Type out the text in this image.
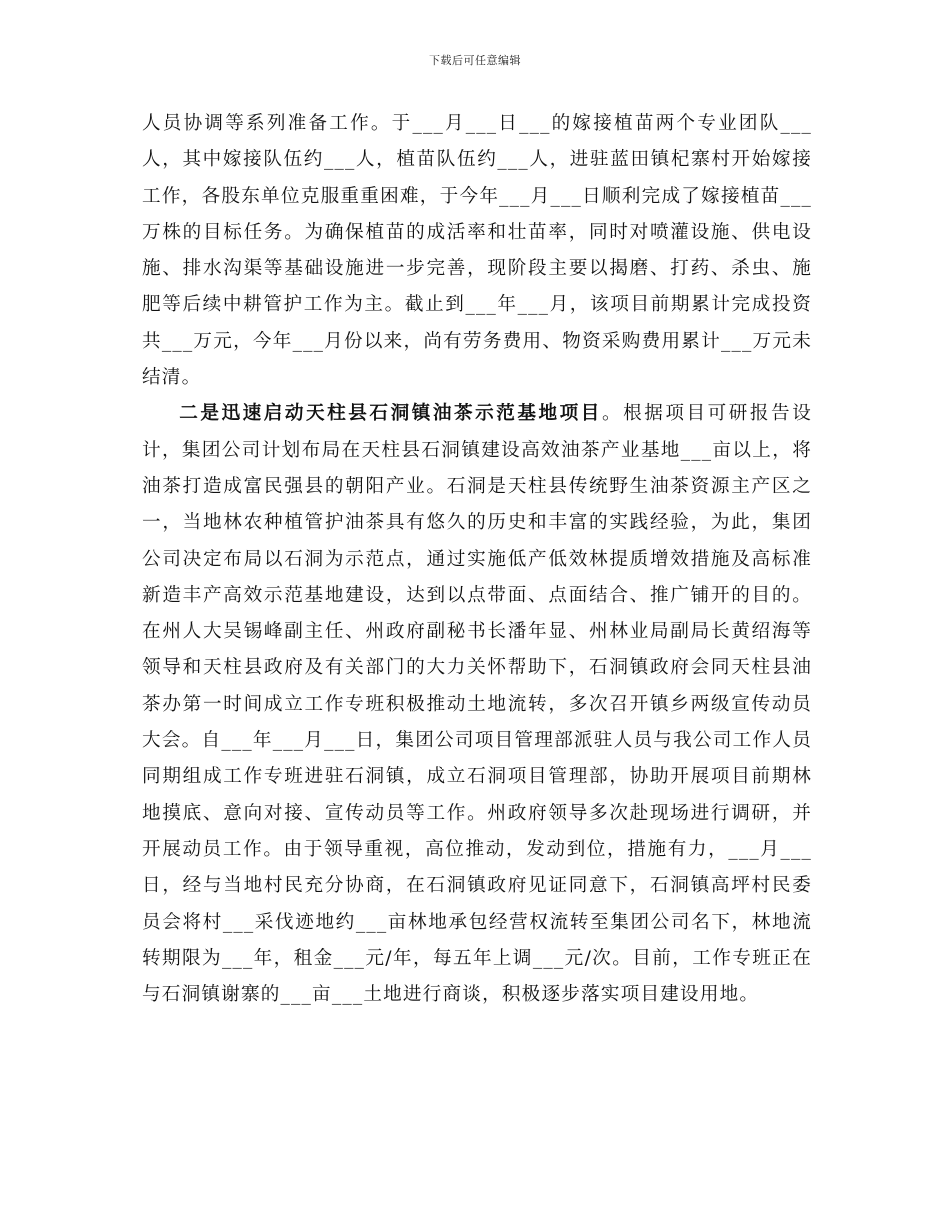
下载后可任意编辑

人员协调等系列准备工作。于___月___日___的嫁接植苗两个专业团队___人，其中嫁接队伍约___人，植苗队伍约___人，进驻蓝田镇杞寨村开始嫁接工作，各股东单位克服重重困难，于今年___月___日顺利完成了嫁接植苗___万株的目标任务。为确保植苗的成活率和壮苗率，同时对喷灌设施、供电设施、排水沟渠等基础设施进一步完善，现阶段主要以揭磨、打药、杀虫、施肥等后续中耕管护工作为主。截止到___年___月，该项目前期累计完成投资共___万元，今年___月份以来，尚有劳务费用、物资采购费用累计___万元未结清。

二是迅速启动天柱县石洞镇油茶示范基地项目。根据项目可研报告设计，集团公司计划布局在天柱县石洞镇建设高效油茶产业基地___亩以上，将油茶打造成富民强县的朝阳产业。石洞是天柱县传统野生油茶资源主产区之一，当地林农种植管护油茶具有悠久的历史和丰富的实践经验，为此，集团公司决定布局以石洞为示范点，通过实施低产低效林提质增效措施及高标准新造丰产高效示范基地建设，达到以点带面、点面结合、推广铺开的目的。在州人大吴锡峰副主任、州政府副秘书长潘年显、州林业局副局长黄绍海等领导和天柱县政府及有关部门的大力关怀帮助下，石洞镇政府会同天柱县油茶办第一时间成立工作专班积极推动土地流转，多次召开镇乡两级宣传动员大会。自___年___月___日，集团公司项目管理部派驻人员与我公司工作人员同期组成工作专班进驻石洞镇，成立石洞项目管理部，协助开展项目前期林地摸底、意向对接、宣传动员等工作。州政府领导多次赴现场进行调研，并开展动员工作。由于领导重视，高位推动，发动到位，措施有力，___月___日，经与当地村民充分协商，在石洞镇政府见证同意下，石洞镇高坪村民委员会将村___采伐迹地约___亩林地承包经营权流转至集团公司名下，林地流转期限为___年，租金___元/年，每五年上调___元/次。目前，工作专班正在与石洞镇谢寨的___亩___土地进行商谈，积极逐步落实项目建设用地。
